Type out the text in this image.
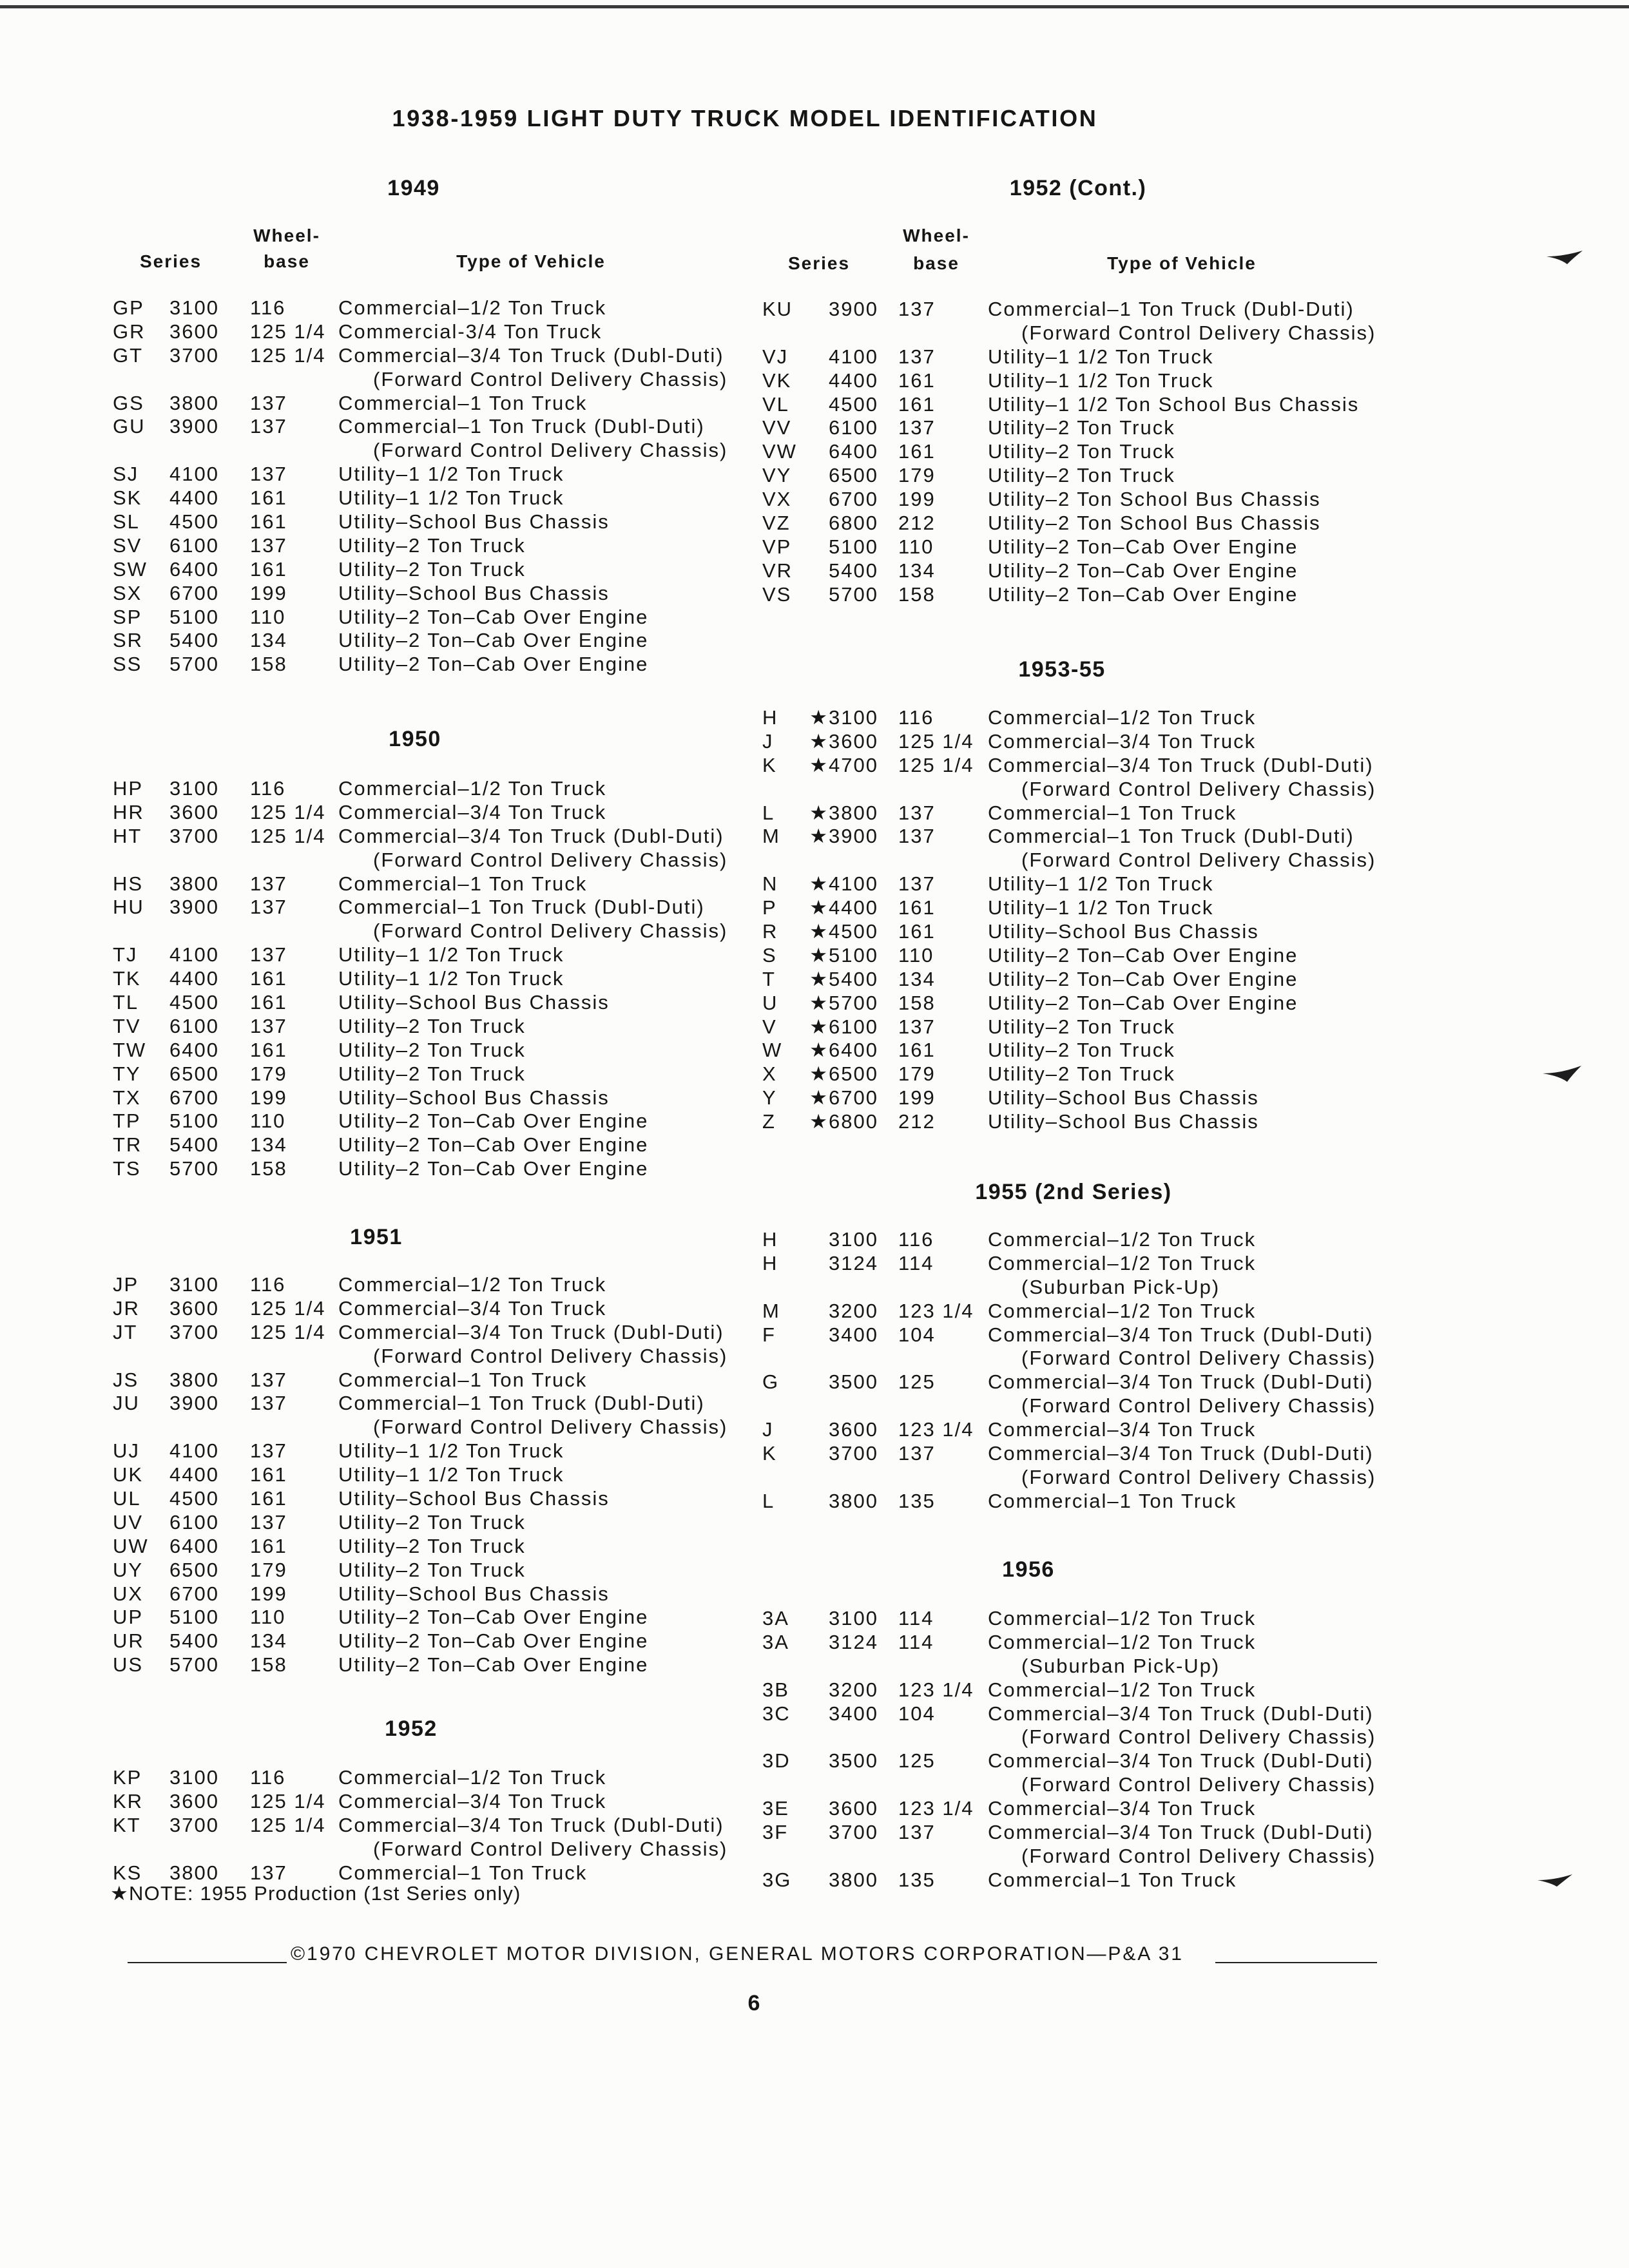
1938-1959 LIGHT DUTY TRUCK MODEL IDENTIFICATION
Wheel-
Series	base	Type of Vehicle
Wheel-
Series	base	Type of Vehicle
1949
GP	3100 116	Commercial–1/2 Ton Truck
GR	3600 125 1/4 Commercial-3/4 Ton Truck
GT	3700 125 1/4 Commercial–3/4 Ton Truck (Dubl-Duti)
(Forward Control Delivery Chassis)
GS	3800 137	Commercial–1 Ton Truck
GU	3900 137	Commercial–1 Ton Truck (Dubl-Duti)
(Forward Control Delivery Chassis)
SJ	4100 137	Utility–1 1/2 Ton Truck
SK	4400 161	Utility–1 1/2 Ton Truck
SL	4500 161	Utility–School Bus Chassis
SV	6100 137	Utility–2 Ton Truck
SW	6400 161	Utility–2 Ton Truck
SX	6700 199	Utility–School Bus Chassis
SP	5100 110	Utility–2 Ton–Cab Over Engine
SR	5400 134	Utility–2 Ton–Cab Over Engine
SS	5700 158	Utility–2 Ton–Cab Over Engine
1950
HP	3100 116	Commercial–1/2 Ton Truck
HR	3600 125 1/4 Commercial–3/4 Ton Truck
HT	3700 125 1/4 Commercial–3/4 Ton Truck (Dubl-Duti)
(Forward Control Delivery Chassis)
HS	3800 137	Commercial–1 Ton Truck
HU	3900 137	Commercial–1 Ton Truck (Dubl-Duti)
(Forward Control Delivery Chassis)
TJ	4100 137	Utility–1 1/2 Ton Truck
TK	4400 161	Utility–1 1/2 Ton Truck
TL	4500 161	Utility–School Bus Chassis
TV	6100 137	Utility–2 Ton Truck
TW	6400 161	Utility–2 Ton Truck
TY	6500 179	Utility–2 Ton Truck
TX	6700 199	Utility–School Bus Chassis
TP	5100 110	Utility–2 Ton–Cab Over Engine
TR	5400 134	Utility–2 Ton–Cab Over Engine
TS	5700 158	Utility–2 Ton–Cab Over Engine
1951
JP	3100 116	Commercial–1/2 Ton Truck
JR	3600 125 1/4 Commercial–3/4 Ton Truck
JT	3700 125 1/4 Commercial–3/4 Ton Truck (Dubl-Duti)
(Forward Control Delivery Chassis)
JS	3800 137	Commercial–1 Ton Truck
JU	3900 137	Commercial–1 Ton Truck (Dubl-Duti)
(Forward Control Delivery Chassis)
UJ	4100 137	Utility–1 1/2 Ton Truck
UK	4400 161	Utility–1 1/2 Ton Truck
UL	4500 161	Utility–School Bus Chassis
UV	6100 137	Utility–2 Ton Truck
UW	6400 161	Utility–2 Ton Truck
UY	6500 179	Utility–2 Ton Truck
UX	6700 199	Utility–School Bus Chassis
UP	5100 110	Utility–2 Ton–Cab Over Engine
UR	5400 134	Utility–2 Ton–Cab Over Engine
US	5700 158	Utility–2 Ton–Cab Over Engine
1952
KP	3100 116	Commercial–1/2 Ton Truck
KR	3600 125 1/4 Commercial–3/4 Ton Truck
KT	3700 125 1/4 Commercial–3/4 Ton Truck (Dubl-Duti)
(Forward Control Delivery Chassis)
KS	3800 137	Commercial–1 Ton Truck
★NOTE: 1955 Production (1st Series only)
1952 (Cont.)
KU	3900 137	Commercial–1 Ton Truck (Dubl-Duti)
(Forward Control Delivery Chassis)
VJ	4100 137	Utility–1 1/2 Ton Truck
VK	4400 161	Utility–1 1/2 Ton Truck
VL	4500 161	Utility–1 1/2 Ton School Bus Chassis
VV	6100 137	Utility–2 Ton Truck
VW	6400 161	Utility–2 Ton Truck
VY	6500 179	Utility–2 Ton Truck
VX	6700 199	Utility–2 Ton School Bus Chassis
VZ	6800 212	Utility–2 Ton School Bus Chassis
VP	5100 110	Utility–2 Ton–Cab Over Engine
VR	5400 134	Utility–2 Ton–Cab Over Engine
VS	5700 158	Utility–2 Ton–Cab Over Engine
1953-55
H	★3100 116	Commercial–1/2 Ton Truck
J	★3600 125 1/4 Commercial–3/4 Ton Truck
K	★4700 125 1/4 Commercial–3/4 Ton Truck (Dubl-Duti)
(Forward Control Delivery Chassis)
L	★3800 137	Commercial–1 Ton Truck
M	★3900 137	Commercial–1 Ton Truck (Dubl-Duti)
(Forward Control Delivery Chassis)
N	★4100 137	Utility–1 1/2 Ton Truck
P	★4400 161	Utility–1 1/2 Ton Truck
R	★4500 161	Utility–School Bus Chassis
S	★5100 110	Utility–2 Ton–Cab Over Engine
T	★5400 134	Utility–2 Ton–Cab Over Engine
U	★5700 158	Utility–2 Ton–Cab Over Engine
V	★6100 137	Utility–2 Ton Truck
W	★6400 161	Utility–2 Ton Truck
X	★6500 179	Utility–2 Ton Truck
Y	★6700 199	Utility–School Bus Chassis
Z	★6800 212	Utility–School Bus Chassis
1955 (2nd Series)
H	3100 116	Commercial–1/2 Ton Truck
H	3124 114	Commercial–1/2 Ton Truck
(Suburban Pick-Up)
M	3200 123 1/4 Commercial–1/2 Ton Truck
F	3400 104	Commercial–3/4 Ton Truck (Dubl-Duti)
(Forward Control Delivery Chassis)
G	3500 125	Commercial–3/4 Ton Truck (Dubl-Duti)
(Forward Control Delivery Chassis)
J	3600 123 1/4 Commercial–3/4 Ton Truck
K	3700 137	Commercial–3/4 Ton Truck (Dubl-Duti)
(Forward Control Delivery Chassis)
L	3800 135	Commercial–1 Ton Truck
1956
3A	3100 114	Commercial–1/2 Ton Truck
3A	3124 114	Commercial–1/2 Ton Truck
(Suburban Pick-Up)
3B	3200 123 1/4 Commercial–1/2 Ton Truck
3C	3400 104	Commercial–3/4 Ton Truck (Dubl-Duti)
(Forward Control Delivery Chassis)
3D	3500 125	Commercial–3/4 Ton Truck (Dubl-Duti)
(Forward Control Delivery Chassis)
3E	3600 123 1/4 Commercial–3/4 Ton Truck
3F	3700 137	Commercial–3/4 Ton Truck (Dubl-Duti)
(Forward Control Delivery Chassis)
3G	3800 135	Commercial–1 Ton Truck
©1970 CHEVROLET MOTOR DIVISION, GENERAL MOTORS CORPORATION—P&A 31
6
